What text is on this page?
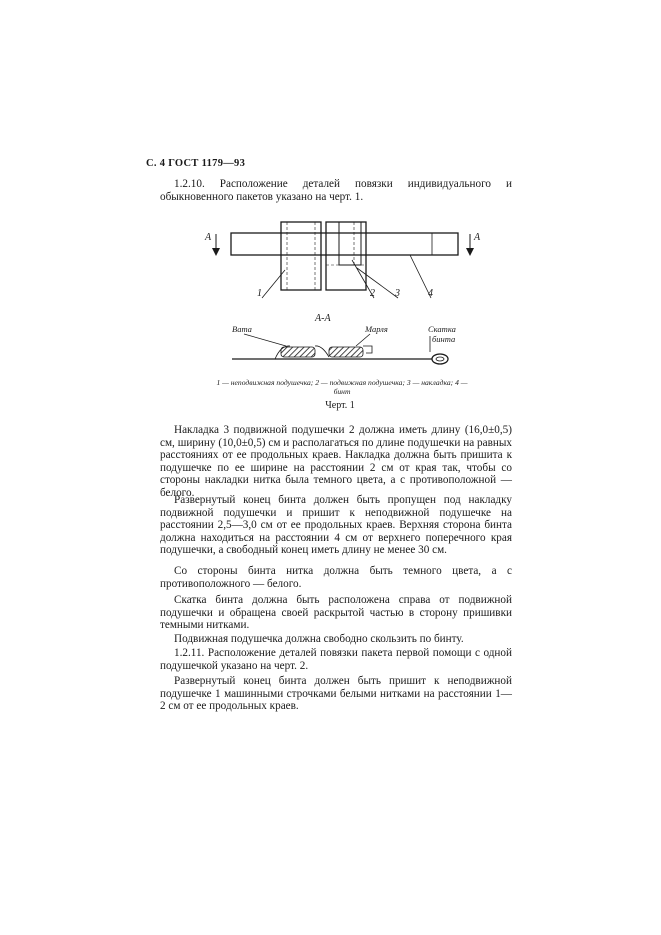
С. 4 ГОСТ 1179—93

1.2.10. Расположение деталей повязки индивидуального и обыкновенного пакетов указано на черт. 1.

А	А
1	2 3	4
А-А
Вата	Марля	Скатка
бинта
1 — неподвижная подушечка; 2 — подвижная подушечка; 3 — накладка; 4 — бинт
Черт. 1

Накладка 3 подвижной подушечки 2 должна иметь длину (16,0±0,5) см, ширину (10,0±0,5) см и располагаться по длине подушечки на равных расстояниях от ее продольных краев. Накладка должна быть пришита к подушечке по ее ширине на расстоянии 2 см от края так, чтобы со стороны накладки нитка была темного цвета, а с противоположной — белого.

Развернутый конец бинта должен быть пропущен под накладку подвижной подушечки и пришит к неподвижной подушечке на расстоянии 2,5—3,0 см от ее продольных краев. Верхняя сторона бинта должна находиться на расстоянии 4 см от верхнего поперечного края подушечки, а свободный конец иметь длину не менее 30 см.

Со стороны бинта нитка должна быть темного цвета, а с противоположного — белого.

Скатка бинта должна быть расположена справа от подвижной подушечки и обращена своей раскрытой частью в сторону пришивки темными нитками.

Подвижная подушечка должна свободно скользить по бинту.

1.2.11. Расположение деталей повязки пакета первой помощи с одной подушечкой указано на черт. 2.

Развернутый конец бинта должен быть пришит к неподвижной подушечке 1 машинными строчками белыми нитками на расстоянии 1—2 см от ее продольных краев.
